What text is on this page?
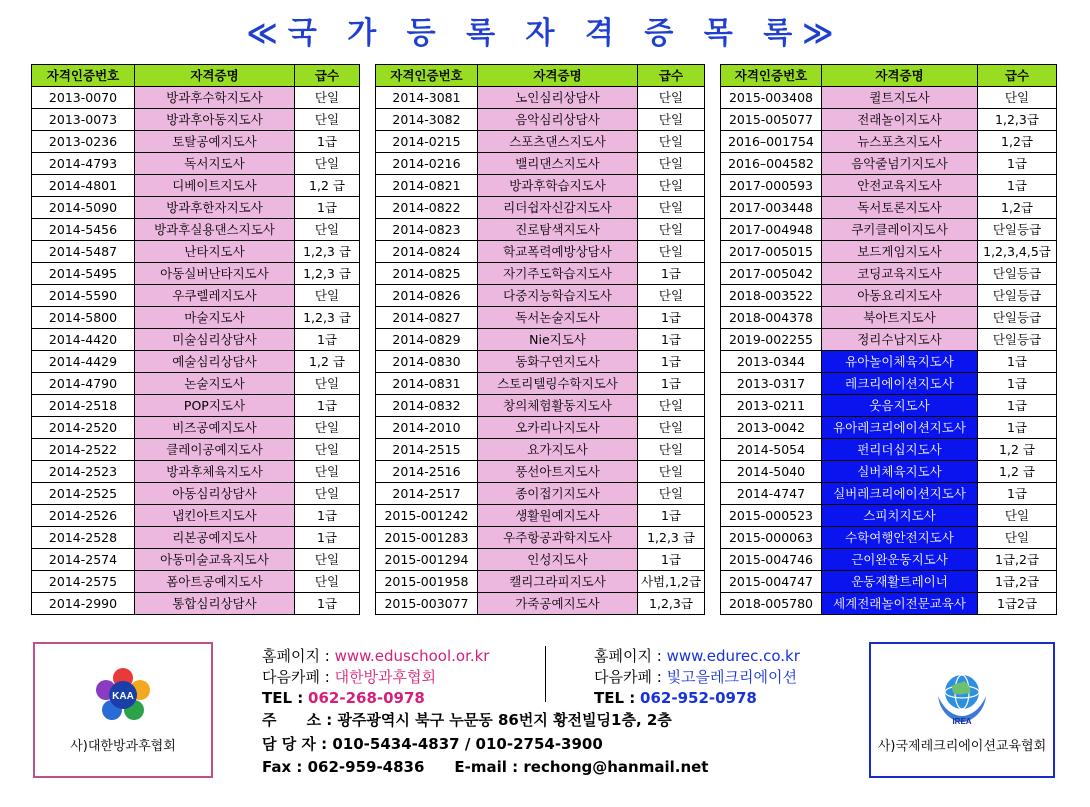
≪국 가 등 록 자 격 증 목 록≫
자격인증번호	자격증명	급수
2013-0070	방과후수학지도사	단일
2013-0073	방과후아동지도사	단일
2013-0236	토탈공예지도사	1급
2014-4793	독서지도사	단일
2014-4801	디베이트지도사	1,2 급
2014-5090	방과후한자지도사	1급
2014-5456	방과후실용댄스지도사	단일
2014-5487	난타지도사	1,2,3 급
2014-5495	아동실버난타지도사	1,2,3 급
2014-5590	우쿠렐레지도사	단일
2014-5800	마술지도사	1,2,3 급
2014-4420	미술심리상담사	1급
2014-4429	예술심리상담사	1,2 급
2014-4790	논술지도사	단일
2014-2518	POP지도사	1급
2014-2520	비즈공예지도사	단일
2014-2522	클레이공예지도사	단일
2014-2523	방과후체육지도사	단일
2014-2525	아동심리상담사	단일
2014-2526	냅킨아트지도사	1급
2014-2528	리본공예지도사	1급
2014-2574	아동미술교육지도사	단일
2014-2575	폼아트공예지도사	단일
2014-2990	통합심리상담사	1급
자격인증번호	자격증명	급수
2014-3081	노인심리상담사	단일
2014-3082	음악심리상담사	단일
2014-0215	스포츠댄스지도사	단일
2014-0216	밸리댄스지도사	단일
2014-0821	방과후학습지도사	단일
2014-0822	리더쉽자신감지도사	단일
2014-0823	진로탐색지도사	단일
2014-0824	학교폭력예방상담사	단일
2014-0825	자기주도학습지도사	1급
2014-0826	다중지능학습지도사	단일
2014-0827	독서논술지도사	1급
2014-0829	Nie지도사	1급
2014-0830	동화구연지도사	1급
2014-0831	스토리텔링수학지도사	1급
2014-0832	창의체험활동지도사	단일
2014-2010	오카리나지도사	단일
2014-2515	요가지도사	단일
2014-2516	풍선아트지도사	단일
2014-2517	종이접기지도사	단일
2015-001242	생활원예지도사	1급
2015-001283	우주항공과학지도사	1,2,3 급
2015-001294	인성지도사	1급
2015-001958	캘리그라피지도사	사범,1,2급
2015-003077	가죽공예지도사	1,2,3급
자격인증번호	자격증명	급수
2015-003408	퀼트지도사	단일
2015-005077	전래놀이지도사	1,2,3급
2016–001754	뉴스포츠지도사	1,2급
2016–004582	음악줄넘기지도사	1급
2017-000593	안전교육지도사	1급
2017-003448	독서토론지도사	1,2급
2017-004948	쿠키클레이지도사	단일등급
2017-005015	보드게임지도사	1,2,3,4,5급
2017-005042	코딩교육지도사	단일등급
2018-003522	아동요리지도사	단일등급
2018-004378	북아트지도사	단일등급
2019-002255	정리수납지도사	단일등급
2013-0344	유아놀이체육지도사	1급
2013-0317	레크리에이션지도사	1급
2013-0211	웃음지도사	1급
2013-0042	유아레크리에이션지도사	1급
2014-5054	펀리더십지도사	1,2 급
2014-5040	실버체육지도사	1,2 급
2014-4747	실버레크리에이션지도사	1급
2015-000523	스피치지도사	단일
2015-000063	수학여행안전지도사	단일
2015-004746	근이완운동지도사	1급,2급
2015-004747	운동재활트레이너	1급,2급
2018-005780	세계전래놀이전문교육사	1급2급
KAA
사)대한방과후협회
홈페이지 : www.eduschool.or.kr
다음카페 : 대한방과후협회
TEL : 062-268-0978
홈페이지 : www.edurec.co.kr
다음카페 : 빛고을레크리에이션
TEL : 062-952-0978
주　　소 : 광주광역시 북구 누문동 86번지 황전빌딩1층, 2층
담 당 자 : 010-5434-4837 / 010-2754-3900
Fax : 062-959-4836　　E-mail : rechong@hanmail.net
IREA
사)국제레크리에이션교육협회
